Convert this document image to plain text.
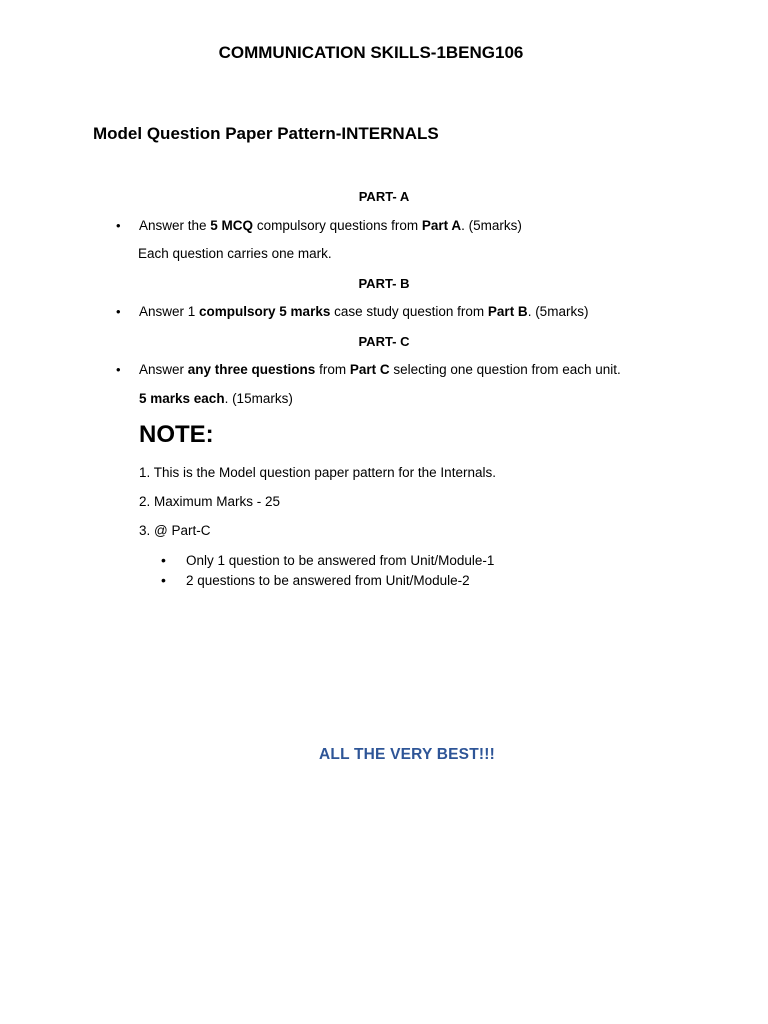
COMMUNICATION SKILLS-1BENG106
Model Question Paper Pattern-INTERNALS
PART- A
• Answer the 5 MCQ compulsory questions from Part A. (5marks)
Each question carries one mark.
PART- B
• Answer 1 compulsory 5 marks case study question from Part B. (5marks)
PART- C
• Answer any three questions from Part C selecting one question from each unit.
5 marks each. (15marks)
NOTE:
1. This is the Model question paper pattern for the Internals.
2. Maximum Marks - 25
3. @ Part-C
• Only 1 question to be answered from Unit/Module-1
• 2 questions to be answered from Unit/Module-2
ALL THE VERY BEST!!!
